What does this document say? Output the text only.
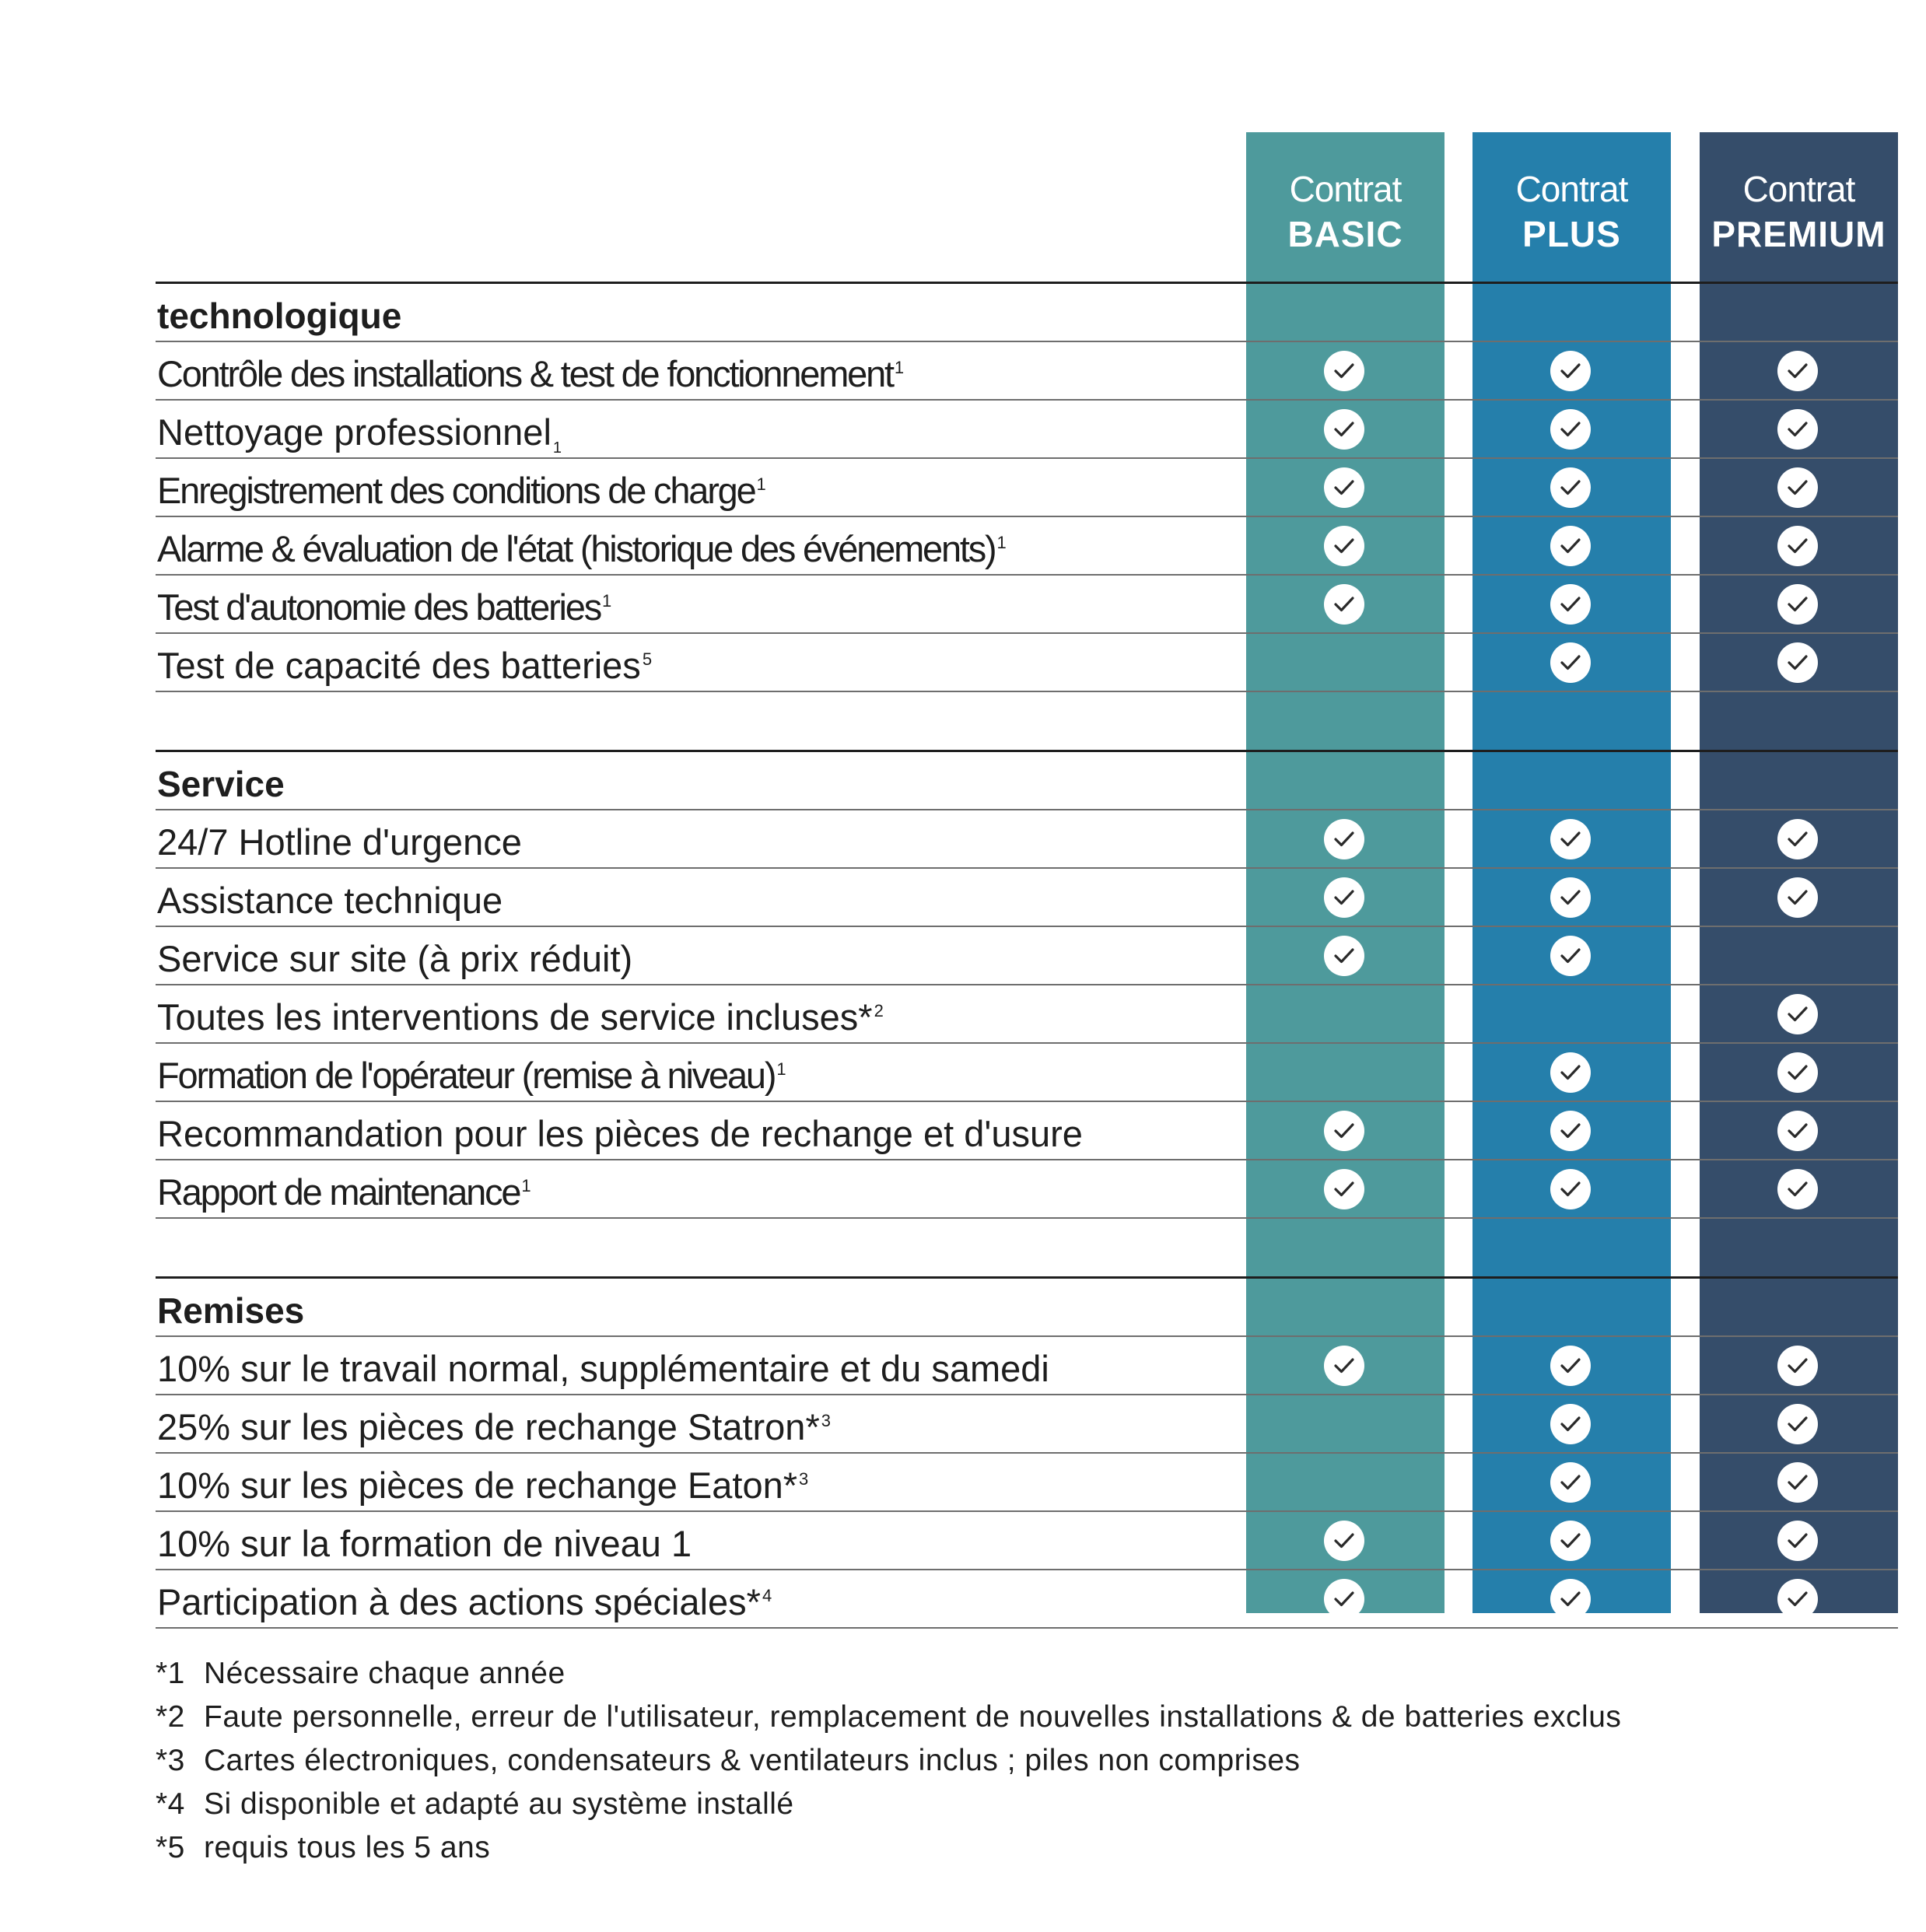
Contrat
BASIC
Contrat
PLUS
Contrat
PREMIUM
technologique
Contrôle des installations & test de fonctionnement$^1$
Nettoyage professionnel $_1$
Enregistrement des conditions de charge$^1$
Alarme & évaluation de l'état (historique des événements)$^1$
Test d'autonomie des batteries$^1$
Test de capacité des batteries$^5$
Service
24/7 Hotline d'urgence
Assistance technique
Service sur site (à prix réduit)
Toutes les interventions de service incluses*$^2$
Formation de l'opérateur (remise à niveau)$^1$
Recommandation pour les pièces de rechange et d'usure
Rapport de maintenance$^1$
Remises
10% sur le travail normal, supplémentaire et du samedi
25% sur les pièces de rechange Statron*$^3$
10% sur les pièces de rechange Eaton*$^3$
10% sur la formation de niveau 1
Participation à des actions spéciales*$^4$
*1 Nécessaire chaque année
*2 Faute personnelle, erreur de l'utilisateur, remplacement de nouvelles installations & de batteries exclus
*3 Cartes électroniques, condensateurs & ventilateurs inclus ; piles non comprises
*4 Si disponible et adapté au système installé
*5 requis tous les 5 ans
